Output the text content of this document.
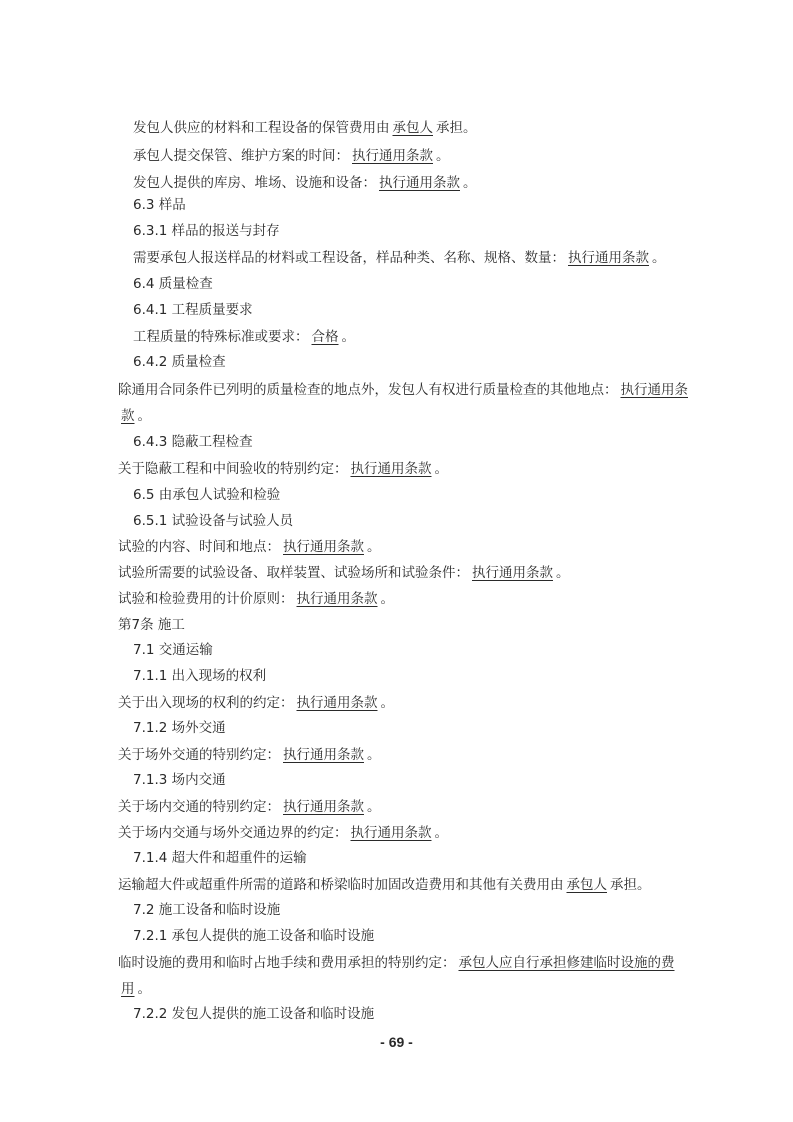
发包人供应的材料和工程设备的保管费用由 承包人 承担。
承包人提交保管、维护方案的时间： 执行通用条款 。
发包人提供的库房、堆场、设施和设备： 执行通用条款 。
6.3 样品
6.3.1 样品的报送与封存
需要承包人报送样品的材料或工程设备，样品种类、名称、规格、数量： 执行通用条款 。
6.4 质量检查
6.4.1 工程质量要求
工程质量的特殊标准或要求： 合格 。
6.4.2 质量检查
除通用合同条件已列明的质量检查的地点外，发包人有权进行质量检查的其他地点： 执行通用条
款 。
6.4.3 隐蔽工程检查
关于隐蔽工程和中间验收的特别约定： 执行通用条款 。
6.5 由承包人试验和检验
6.5.1 试验设备与试验人员
试验的内容、时间和地点： 执行通用条款 。
试验所需要的试验设备、取样装置、试验场所和试验条件： 执行通用条款 。
试验和检验费用的计价原则： 执行通用条款 。
第7条 施工
7.1 交通运输
7.1.1 出入现场的权利
关于出入现场的权利的约定： 执行通用条款 。
7.1.2 场外交通
关于场外交通的特别约定： 执行通用条款 。
7.1.3 场内交通
关于场内交通的特别约定： 执行通用条款 。
关于场内交通与场外交通边界的约定： 执行通用条款 。
7.1.4 超大件和超重件的运输
运输超大件或超重件所需的道路和桥梁临时加固改造费用和其他有关费用由 承包人 承担。
7.2 施工设备和临时设施
7.2.1 承包人提供的施工设备和临时设施
临时设施的费用和临时占地手续和费用承担的特别约定： 承包人应自行承担修建临时设施的费
用 。
7.2.2 发包人提供的施工设备和临时设施
- 69 -
